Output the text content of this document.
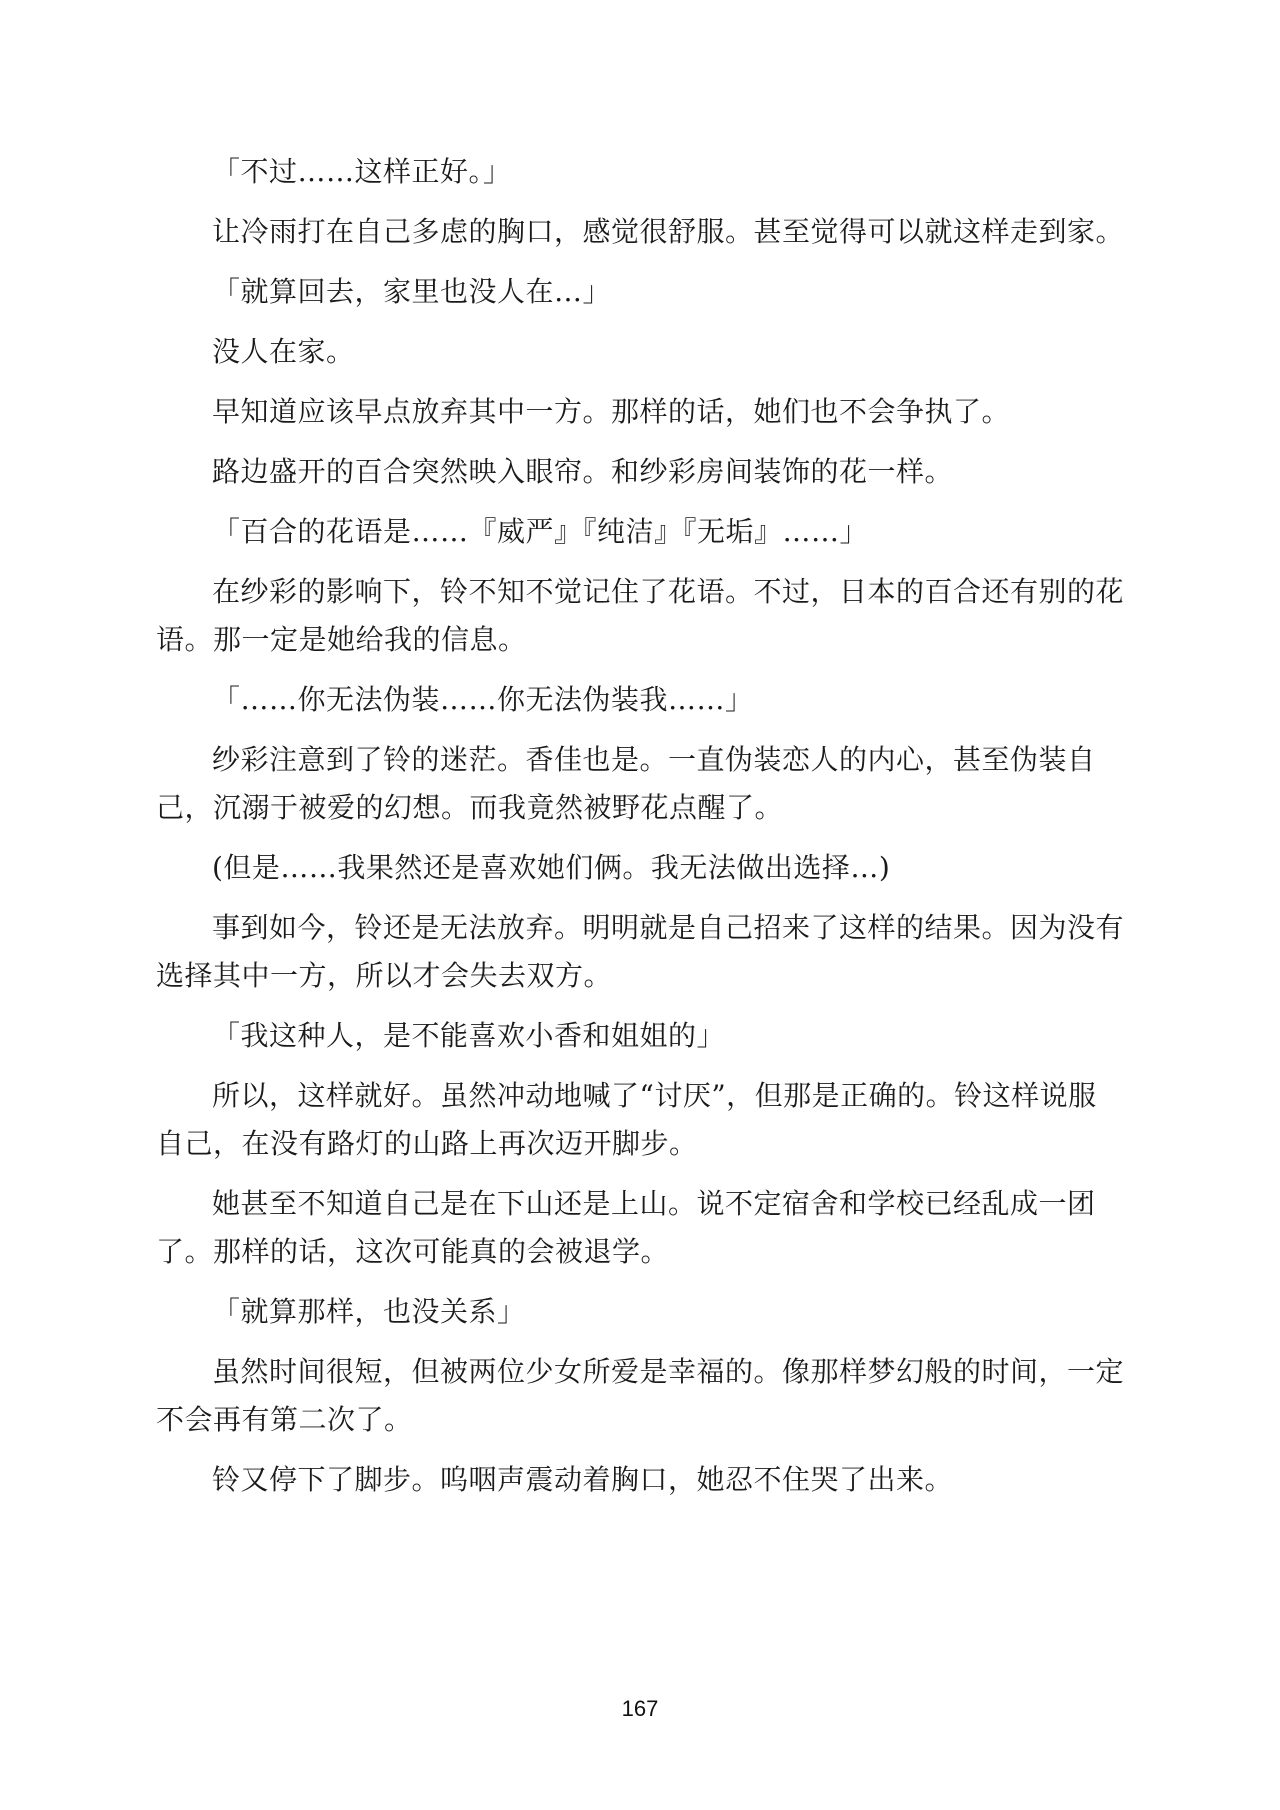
「不过……这样正好。」

让冷雨打在自己多虑的胸口，感觉很舒服。甚至觉得可以就这样走到家。

「就算回去，家里也没人在…」

没人在家。

早知道应该早点放弃其中一方。那样的话，她们也不会争执了。

路边盛开的百合突然映入眼帘。和纱彩房间装饰的花一样。

「百合的花语是……『威严』『纯洁』『无垢』……」

在纱彩的影响下，铃不知不觉记住了花语。不过，日本的百合还有别的花语。那一定是她给我的信息。

「……你无法伪装……你无法伪装我……」

纱彩注意到了铃的迷茫。香佳也是。一直伪装恋人的内心，甚至伪装自己，沉溺于被爱的幻想。而我竟然被野花点醒了。

(但是……我果然还是喜欢她们俩。我无法做出选择…)

事到如今，铃还是无法放弃。明明就是自己招来了这样的结果。因为没有选择其中一方，所以才会失去双方。

「我这种人，是不能喜欢小香和姐姐的」

所以，这样就好。虽然冲动地喊了“讨厌”，但那是正确的。铃这样说服自己，在没有路灯的山路上再次迈开脚步。

她甚至不知道自己是在下山还是上山。说不定宿舍和学校已经乱成一团了。那样的话，这次可能真的会被退学。

「就算那样，也没关系」

虽然时间很短，但被两位少女所爱是幸福的。像那样梦幻般的时间，一定不会再有第二次了。

铃又停下了脚步。呜咽声震动着胸口，她忍不住哭了出来。

167
